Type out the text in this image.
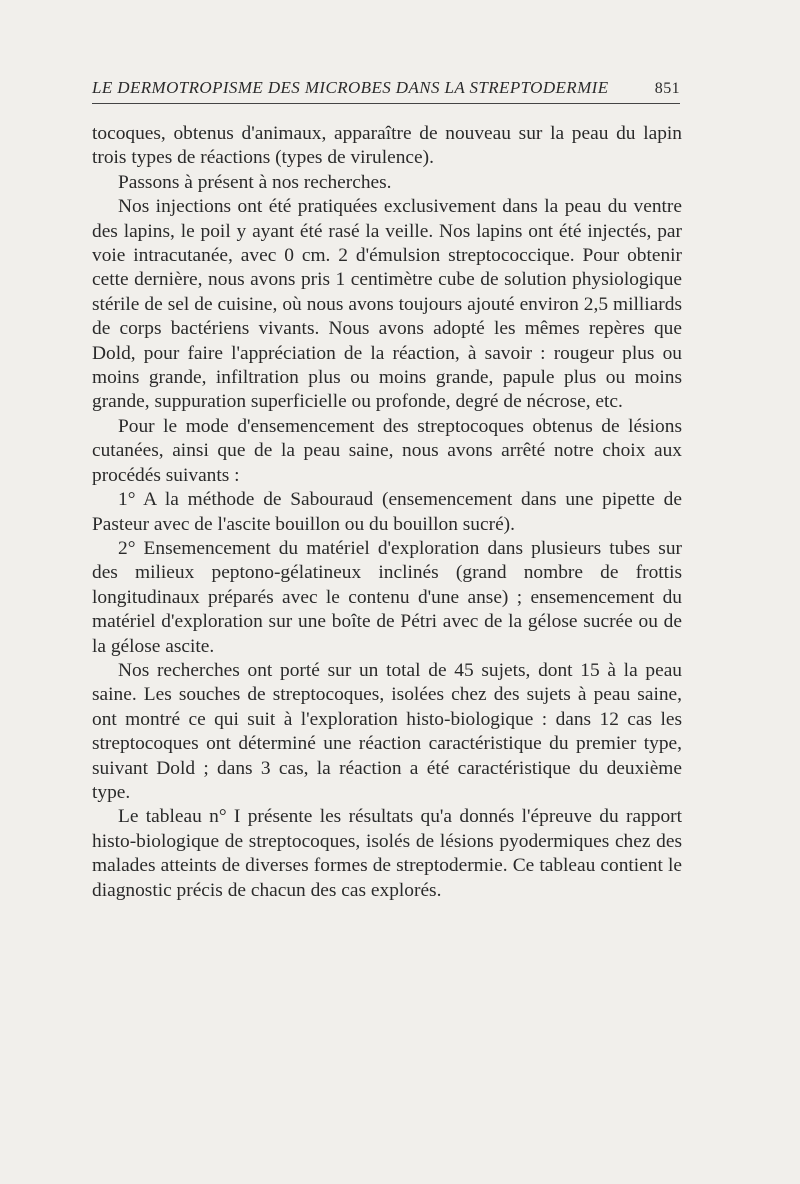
LE DERMOTROPISME DES MICROBES DANS LA STREPTODERMIE	851

tocoques, obtenus d'animaux, apparaître de nouveau sur la peau du lapin trois types de réactions (types de virulence).

Passons à présent à nos recherches.

Nos injections ont été pratiquées exclusivement dans la peau du ventre des lapins, le poil y ayant été rasé la veille. Nos lapins ont été injectés, par voie intracutanée, avec 0 cm. 2 d'émulsion streptococcique. Pour obtenir cette dernière, nous avons pris 1 centimètre cube de solution physiologique stérile de sel de cuisine, où nous avons toujours ajouté environ 2,5 milliards de corps bactériens vivants. Nous avons adopté les mêmes repères que Dold, pour faire l'appréciation de la réaction, à savoir : rougeur plus ou moins grande, infiltration plus ou moins grande, papule plus ou moins grande, suppuration superficielle ou profonde, degré de nécrose, etc.

Pour le mode d'ensemencement des streptocoques obtenus de lésions cutanées, ainsi que de la peau saine, nous avons arrêté notre choix aux procédés suivants :

1° A la méthode de Sabouraud (ensemencement dans une pipette de Pasteur avec de l'ascite bouillon ou du bouillon sucré).

2° Ensemencement du matériel d'exploration dans plusieurs tubes sur des milieux peptono-gélatineux inclinés (grand nombre de frottis longitudinaux préparés avec le contenu d'une anse) ; ensemencement du matériel d'exploration sur une boîte de Pétri avec de la gélose sucrée ou de la gélose ascite.

Nos recherches ont porté sur un total de 45 sujets, dont 15 à la peau saine. Les souches de streptocoques, isolées chez des sujets à peau saine, ont montré ce qui suit à l'exploration histo-biologique : dans 12 cas les streptocoques ont déterminé une réaction caractéristique du premier type, suivant Dold ; dans 3 cas, la réaction a été caractéristique du deuxième type.

Le tableau n° I présente les résultats qu'a donnés l'épreuve du rapport histo-biologique de streptocoques, isolés de lésions pyodermiques chez des malades atteints de diverses formes de streptodermie. Ce tableau contient le diagnostic précis de chacun des cas explorés.
